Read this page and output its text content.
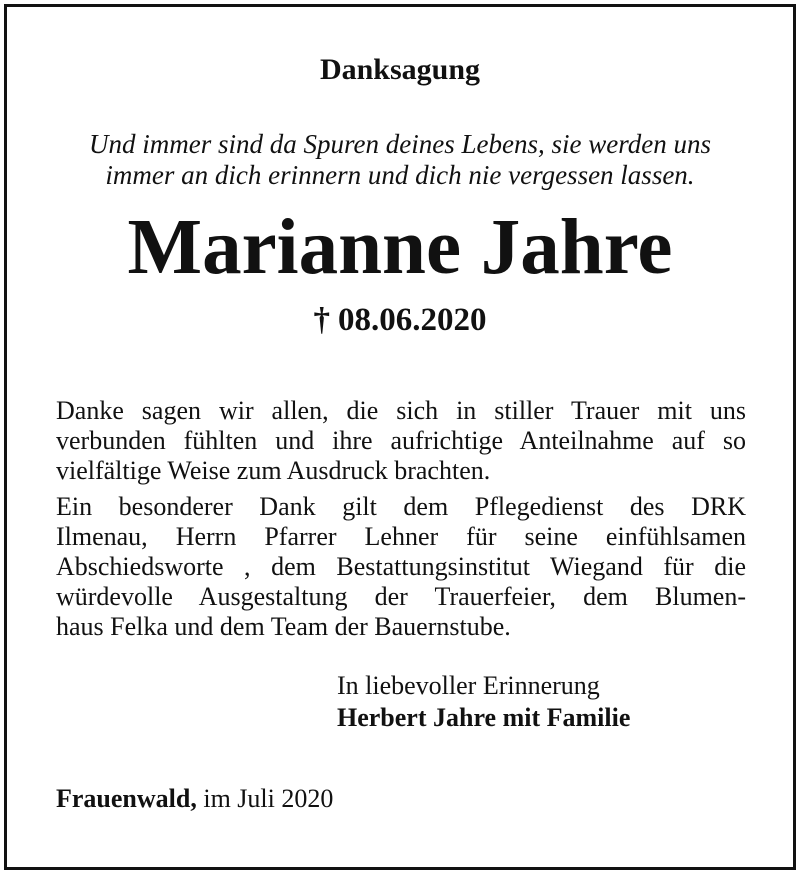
Danksagung
Und immer sind da Spuren deines Lebens, sie werden uns
immer an dich erinnern und dich nie vergessen lassen.
Marianne Jahre
† 08.06.2020
Danke sagen wir allen, die sich in stiller Trauer mit uns
verbunden fühlten und ihre aufrichtige Anteilnahme auf so
vielfältige Weise zum Ausdruck brachten.
Ein besonderer Dank gilt dem Pflegedienst des DRK
Ilmenau, Herrn Pfarrer Lehner für seine einfühlsamen
Abschiedsworte , dem Bestattungsinstitut Wiegand für die
würdevolle Ausgestaltung der Trauerfeier, dem Blumen-
haus Felka und dem Team der Bauernstube.
In liebevoller Erinnerung
Herbert Jahre mit Familie
Frauenwald, im Juli 2020
